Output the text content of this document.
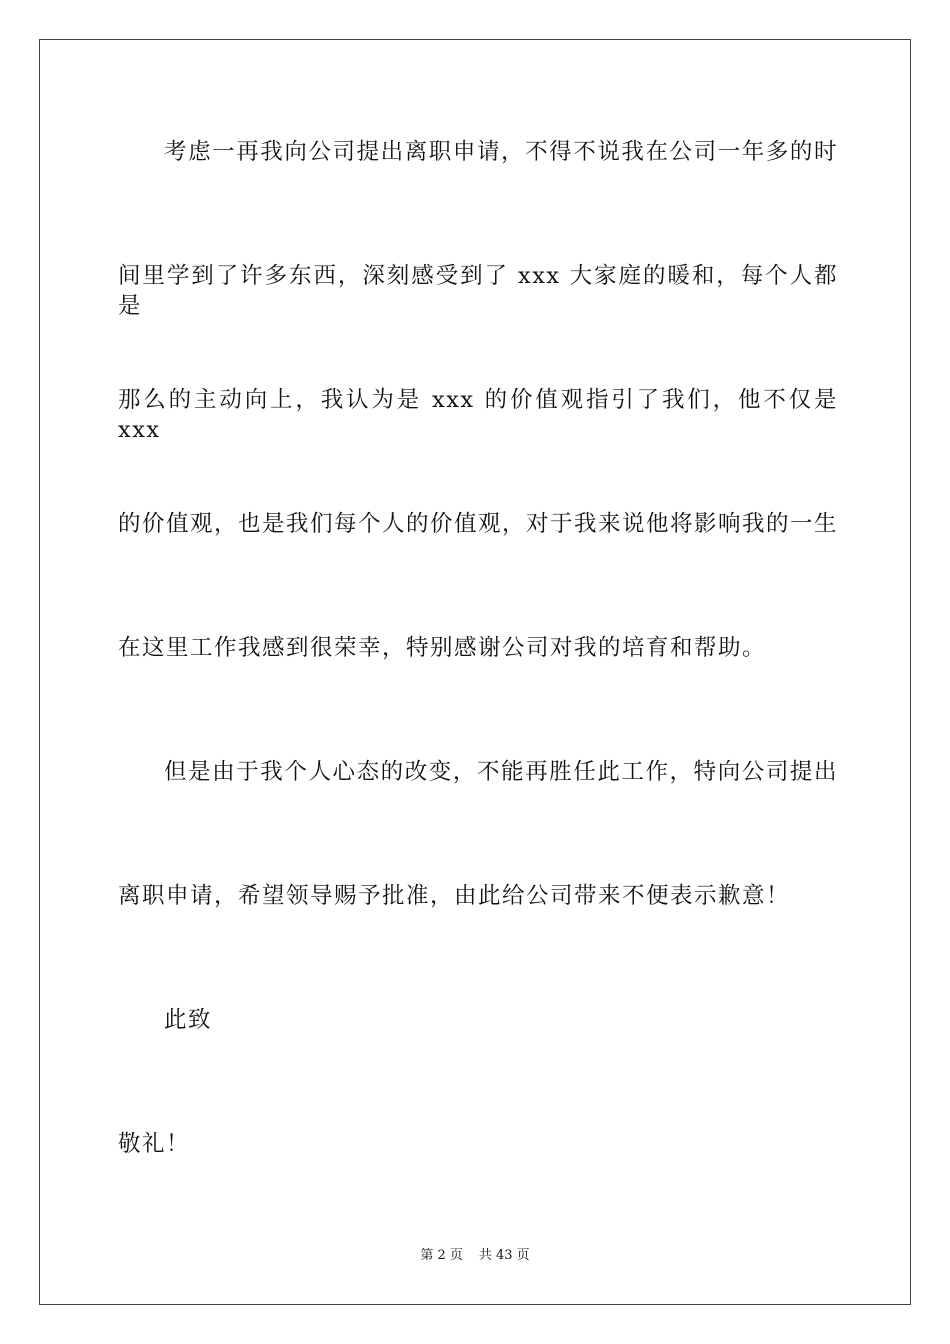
考虑一再我向公司提出离职申请，不得不说我在公司一年多的时
间里学到了许多东西，深刻感受到了 xxx 大家庭的暖和，每个人都是
那么的主动向上，我认为是 xxx 的价值观指引了我们，他不仅是 xxx
的价值观，也是我们每个人的价值观，对于我来说他将影响我的一生
在这里工作我感到很荣幸，特别感谢公司对我的培育和帮助。
但是由于我个人心态的改变，不能再胜任此工作，特向公司提出
离职申请，希望领导赐予批准，由此给公司带来不便表示歉意！
此致
敬礼！
第 2 页 共 43 页
